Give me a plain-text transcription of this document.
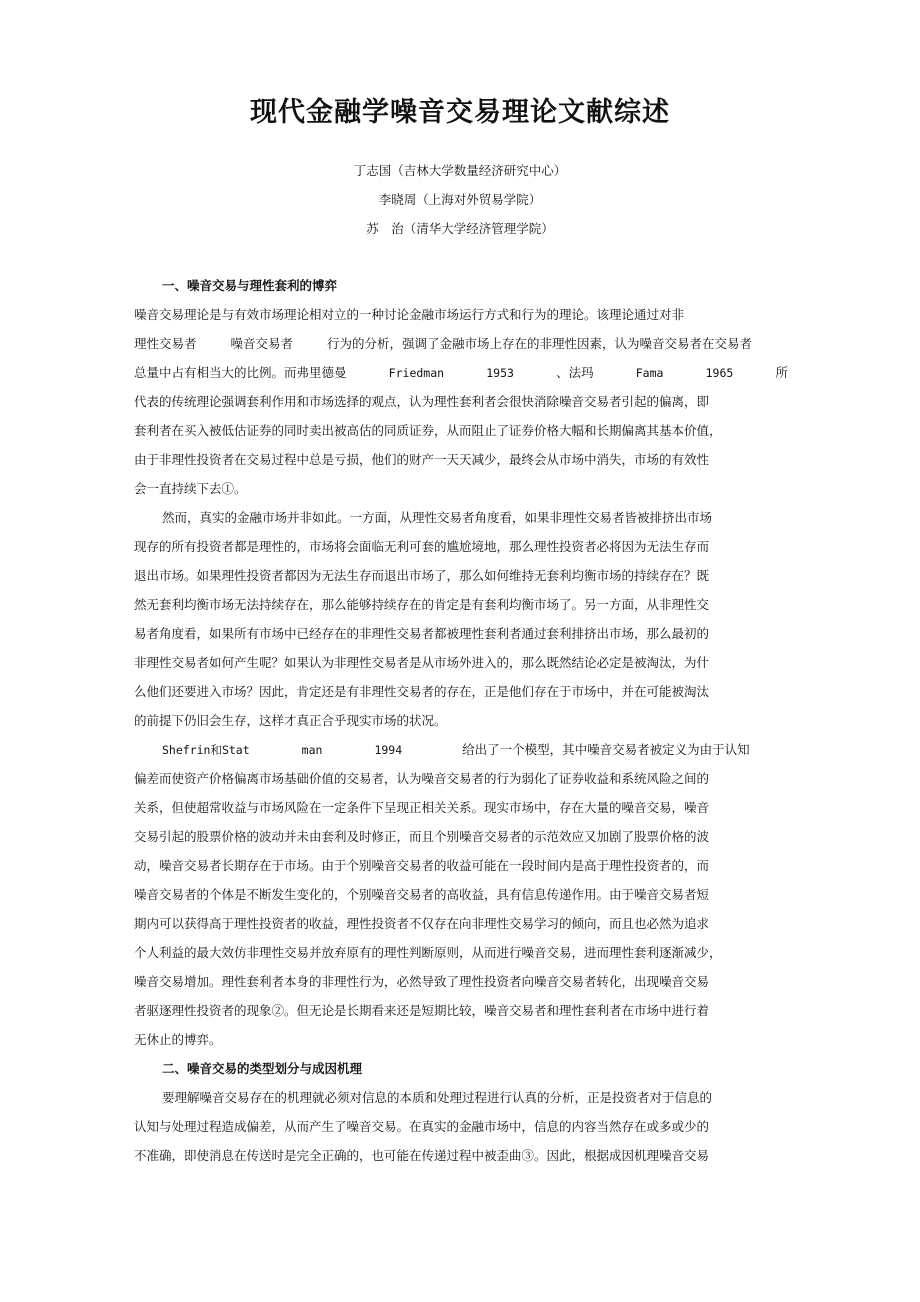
现代金融学噪音交易理论文献综述
丁志国（吉林大学数量经济研究中心）
李晓周（上海对外贸易学院）
苏　治（清华大学经济管理学院）
一、噪音交易与理性套利的博弈
噪音交易理论是与有效市场理论相对立的一种讨论金融市场运行方式和行为的理论。该理论通过对非
理性交易者	噪音交易者	行为的分析，强调了金融市场上存在的非理性因素，认为噪音交易者在交易者
总量中占有相当大的比例。而弗里德曼	Friedman	1953	、法玛	Fama	1965	所
代表的传统理论强调套利作用和市场选择的观点，认为理性套利者会很快消除噪音交易者引起的偏离，即
套利者在买入被低估证券的同时卖出被高估的同质证券，从而阻止了证券价格大幅和长期偏离其基本价值，
由于非理性投资者在交易过程中总是亏损，他们的财产一天天减少，最终会从市场中消失，市场的有效性
会一直持续下去①。
然而，真实的金融市场并非如此。一方面，从理性交易者角度看，如果非理性交易者皆被排挤出市场
现存的所有投资者都是理性的，市场将会面临无利可套的尴尬境地，那么理性投资者必将因为无法生存而
退出市场。如果理性投资者都因为无法生存而退出市场了，那么如何维持无套利均衡市场的持续存在？既
然无套利均衡市场无法持续存在，那么能够持续存在的肯定是有套利均衡市场了。另一方面，从非理性交
易者角度看，如果所有市场中已经存在的非理性交易者都被理性套利者通过套利排挤出市场，那么最初的
非理性交易者如何产生呢？如果认为非理性交易者是从市场外进入的，那么既然结论必定是被淘汰，为什
么他们还要进入市场？因此，肯定还是有非理性交易者的存在，正是他们存在于市场中，并在可能被淘汰
的前提下仍旧会生存，这样才真正合乎现实市场的状况。
Shefrin和Stat	man	1994	给出了一个模型，其中噪音交易者被定义为由于认知
偏差而使资产价格偏离市场基础价值的交易者，认为噪音交易者的行为弱化了证券收益和系统风险之间的
关系，但使超常收益与市场风险在一定条件下呈现正相关关系。现实市场中，存在大量的噪音交易，噪音
交易引起的股票价格的波动并未由套利及时修正，而且个别噪音交易者的示范效应又加剧了股票价格的波
动，噪音交易者长期存在于市场。由于个别噪音交易者的收益可能在一段时间内是高于理性投资者的，而
噪音交易者的个体是不断发生变化的，个别噪音交易者的高收益，具有信息传递作用。由于噪音交易者短
期内可以获得高于理性投资者的收益，理性投资者不仅存在向非理性交易学习的倾向，而且也必然为追求
个人利益的最大效仿非理性交易并放弃原有的理性判断原则，从而进行噪音交易，进而理性套利逐渐减少，
噪音交易增加。理性套利者本身的非理性行为，必然导致了理性投资者向噪音交易者转化，出现噪音交易
者驱逐理性投资者的现象②。但无论是长期看来还是短期比较，噪音交易者和理性套利者在市场中进行着
无休止的博弈。
二、噪音交易的类型划分与成因机理
要理解噪音交易存在的机理就必须对信息的本质和处理过程进行认真的分析，正是投资者对于信息的
认知与处理过程造成偏差，从而产生了噪音交易。在真实的金融市场中，信息的内容当然存在或多或少的
不准确，即使消息在传送时是完全正确的，也可能在传递过程中被歪曲③。因此，根据成因机理噪音交易
